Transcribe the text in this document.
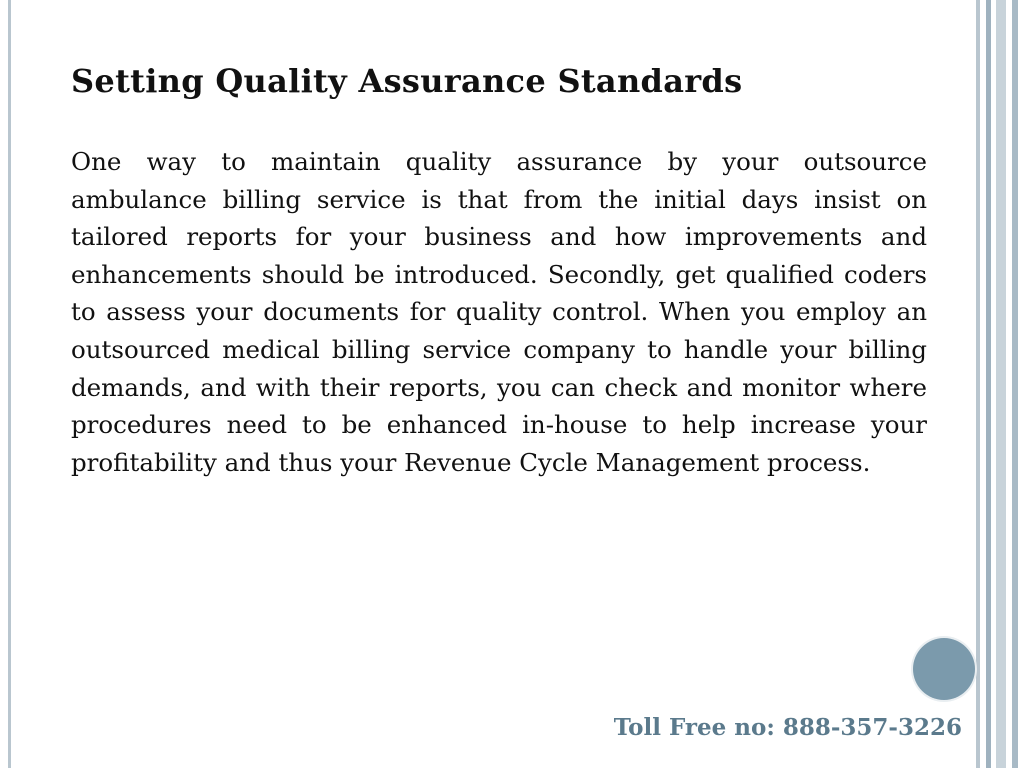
Setting Quality Assurance Standards

One way to maintain quality assurance by your outsource ambulance billing service is that from the initial days insist on tailored reports for your business and how improvements and enhancements should be introduced. Secondly, get qualified coders to assess your documents for quality control. When you employ an outsourced medical billing service company to handle your billing demands, and with their reports, you can check and monitor where procedures need to be enhanced in-house to help increase your profitability and thus your Revenue Cycle Management process.

Toll Free no: 888-357-3226
